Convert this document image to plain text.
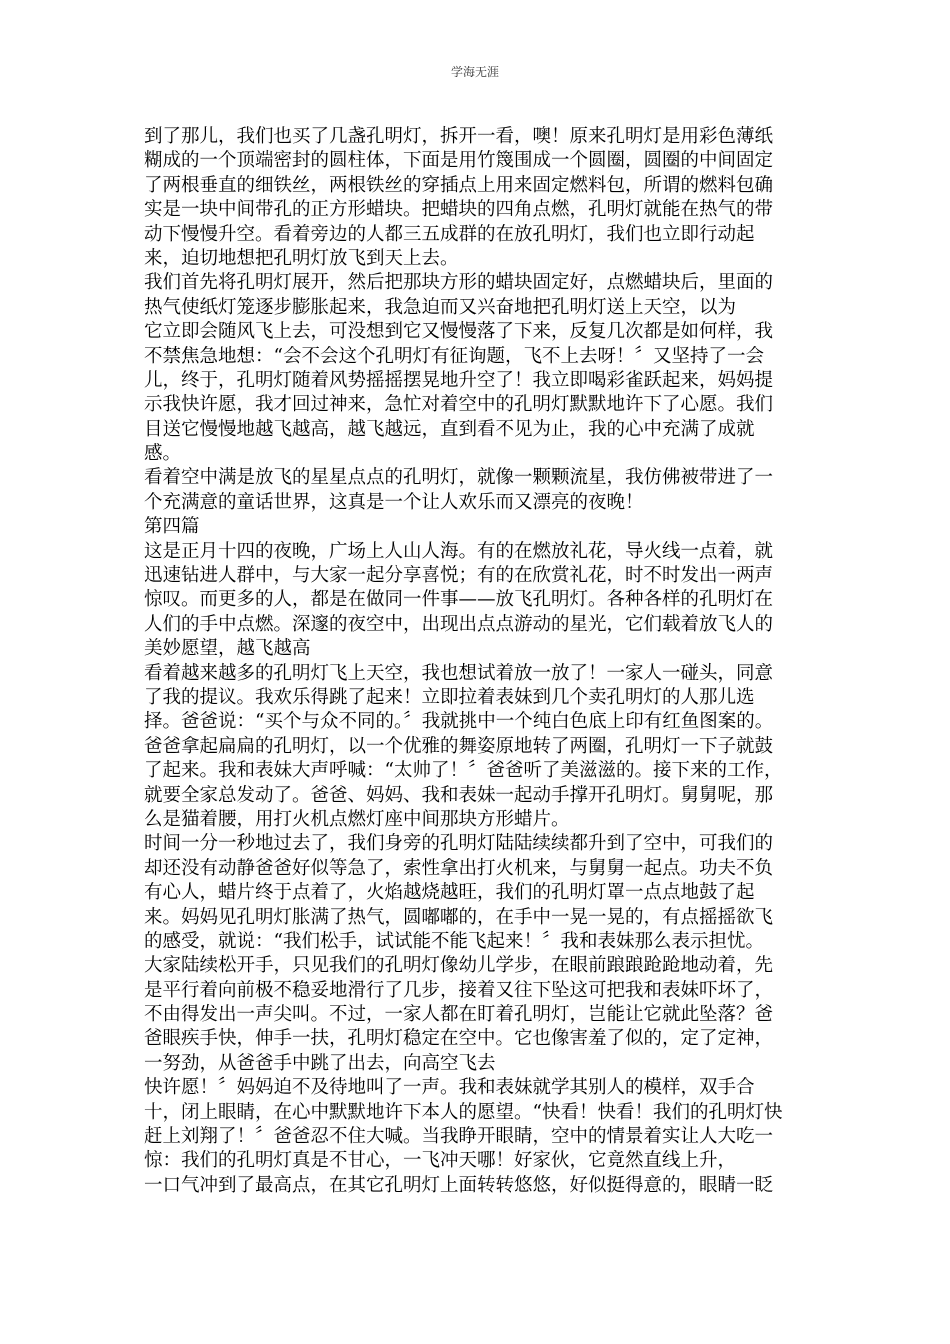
学海无涯
到了那儿，我们也买了几盏孔明灯，拆开一看，噢！原来孔明灯是用彩色薄纸
糊成的一个顶端密封的圆柱体，下面是用竹篾围成一个圆圈，圆圈的中间固定
了两根垂直的细铁丝，两根铁丝的穿插点上用来固定燃料包，所谓的燃料包确
实是一块中间带孔的正方形蜡块。把蜡块的四角点燃，孔明灯就能在热气的带
动下慢慢升空。看着旁边的人都三五成群的在放孔明灯，我们也立即行动起
来，迫切地想把孔明灯放飞到天上去。
我们首先将孔明灯展开，然后把那块方形的蜡块固定好，点燃蜡块后，里面的
热气使纸灯笼逐步膨胀起来，我急迫而又兴奋地把孔明灯送上天空，以为
它立即会随风飞上去，可没想到它又慢慢落了下来，反复几次都是如何样，我
不禁焦急地想：“会不会这个孔明灯有征询题，飞不上去呀！〞又坚持了一会
儿，终于，孔明灯随着风势摇摇摆晃地升空了！我立即喝彩雀跃起来，妈妈提
示我快许愿，我才回过神来，急忙对着空中的孔明灯默默地许下了心愿。我们
目送它慢慢地越飞越高，越飞越远，直到看不见为止，我的心中充满了成就
感。
看着空中满是放飞的星星点点的孔明灯，就像一颗颗流星，我仿佛被带进了一
个充满意的童话世界，这真是一个让人欢乐而又漂亮的夜晚！
第四篇
这是正月十四的夜晚，广场上人山人海。有的在燃放礼花，导火线一点着，就
迅速钻进人群中，与大家一起分享喜悦；有的在欣赏礼花，时不时发出一两声
惊叹。而更多的人，都是在做同一件事——放飞孔明灯。各种各样的孔明灯在
人们的手中点燃。深邃的夜空中，出现出点点游动的星光，它们载着放飞人的
美妙愿望，越飞越高
看着越来越多的孔明灯飞上天空，我也想试着放一放了！一家人一碰头，同意
了我的提议。我欢乐得跳了起来！立即拉着表妹到几个卖孔明灯的人那儿选
择。爸爸说：“买个与众不同的。〞我就挑中一个纯白色底上印有红鱼图案的。
爸爸拿起扁扁的孔明灯，以一个优雅的舞姿原地转了两圈，孔明灯一下子就鼓
了起来。我和表妹大声呼喊：“太帅了！〞爸爸听了美滋滋的。接下来的工作，
就要全家总发动了。爸爸、妈妈、我和表妹一起动手撑开孔明灯。舅舅呢，那
么是猫着腰，用打火机点燃灯座中间那块方形蜡片。
时间一分一秒地过去了，我们身旁的孔明灯陆陆续续都升到了空中，可我们的
却还没有动静爸爸好似等急了，索性拿出打火机来，与舅舅一起点。功夫不负
有心人，蜡片终于点着了，火焰越烧越旺，我们的孔明灯罩一点点地鼓了起
来。妈妈见孔明灯胀满了热气，圆嘟嘟的，在手中一晃一晃的，有点摇摇欲飞
的感受，就说：“我们松手，试试能不能飞起来！〞我和表妹那么表示担忧。
大家陆续松开手，只见我们的孔明灯像幼儿学步，在眼前踉踉跄跄地动着，先
是平行着向前极不稳妥地滑行了几步，接着又往下坠这可把我和表妹吓坏了，
不由得发出一声尖叫。不过，一家人都在盯着孔明灯，岂能让它就此坠落？爸
爸眼疾手快，伸手一扶，孔明灯稳定在空中。它也像害羞了似的，定了定神，
一努劲，从爸爸手中跳了出去，向高空飞去
快许愿！〞妈妈迫不及待地叫了一声。我和表妹就学其别人的模样，双手合
十，闭上眼睛，在心中默默地许下本人的愿望。“快看！快看！我们的孔明灯快
赶上刘翔了！〞爸爸忍不住大喊。当我睁开眼睛，空中的情景着实让人大吃一
惊：我们的孔明灯真是不甘心，一飞冲天哪！好家伙，它竟然直线上升，
一口气冲到了最高点，在其它孔明灯上面转转悠悠，好似挺得意的，眼睛一眨
